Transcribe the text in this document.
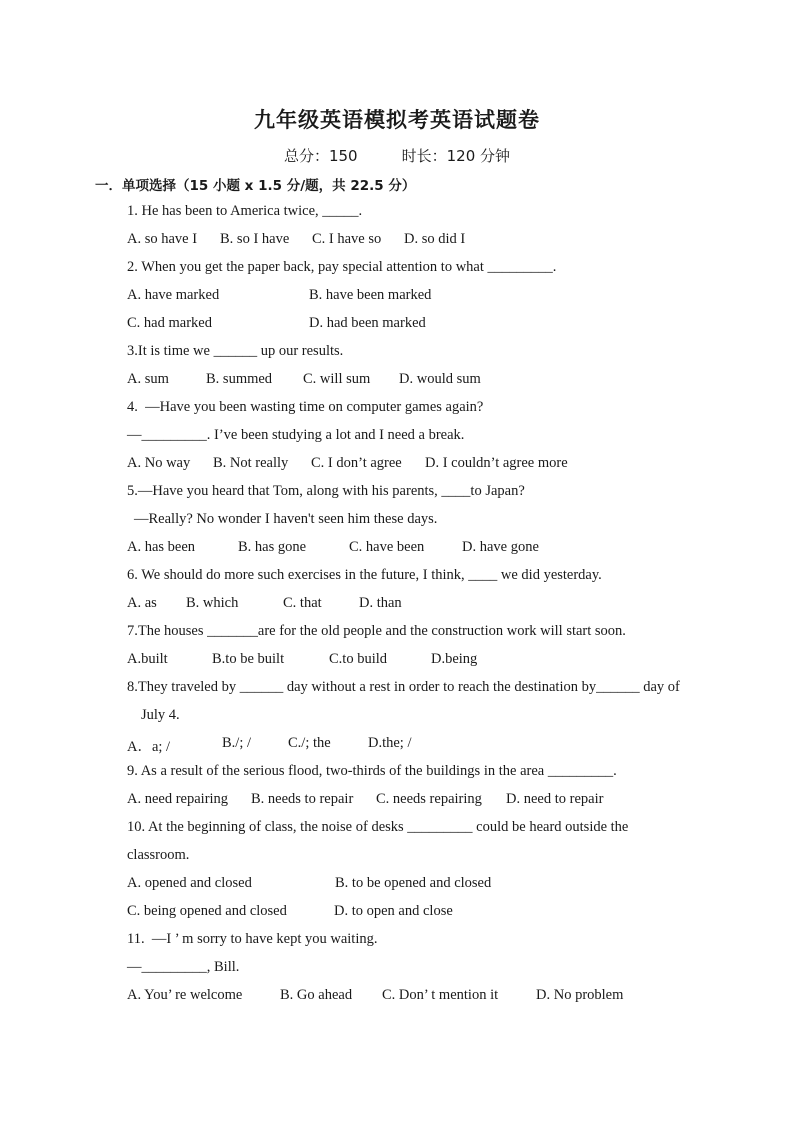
九年级英语模拟考英语试题卷
总分：150	时长：120 分钟
一．单项选择（15 小题 x 1.5 分/题，共 22.5 分）
1. He has been to America twice, _____.

A. so have I

B. so I have

C. I have so

D. so did I

2. When you get the paper back, pay special attention to what _________.

A. have marked

	B. have been marked

C. had marked

	D. had been marked

3.It is time we ______ up our results.

A. sum

	B. summed

C. will sum

D. would sum

4.  —Have you been wasting time on computer games again?
—_________. I’ve been studying a lot and I need a break.

A. No way

B. Not really

C. I don’t agree

D. I couldn’t agree more

5.—Have you heard that Tom, along with his parents, ____to Japan?
—Really? No wonder I haven't seen him these days.

A. has been

	B. has gone

	C. have been

	D. have gone

6. We should do more such exercises in the future, I think, ____ we did yesterday.

A. as

B. which

	C. that

	D. than

7.The houses _______are for the old people and the construction work will start soon.

A.built

	B.to be built

	C.to build

	D.being

8.They traveled by ______ day without a rest in order to reach the destination by______ day of
July 4.

A．a; /

	B./; /

	C./; the

	D.the; /

9. As a result of the serious flood, two-thirds of the buildings in the area _________.

A. need repairing

B. needs to repair

C. needs repairing

D. need to repair

10. At the beginning of class, the noise of desks _________ could be heard outside the
classroom.

A. opened and closed

	B. to be opened and closed

C. being opened and closed

	D. to open and close

11.  —I ’ m sorry to have kept you waiting.
—_________, Bill.

A. You’ re welcome

	B. Go ahead

C. Don’ t mention it

	D. No problem
